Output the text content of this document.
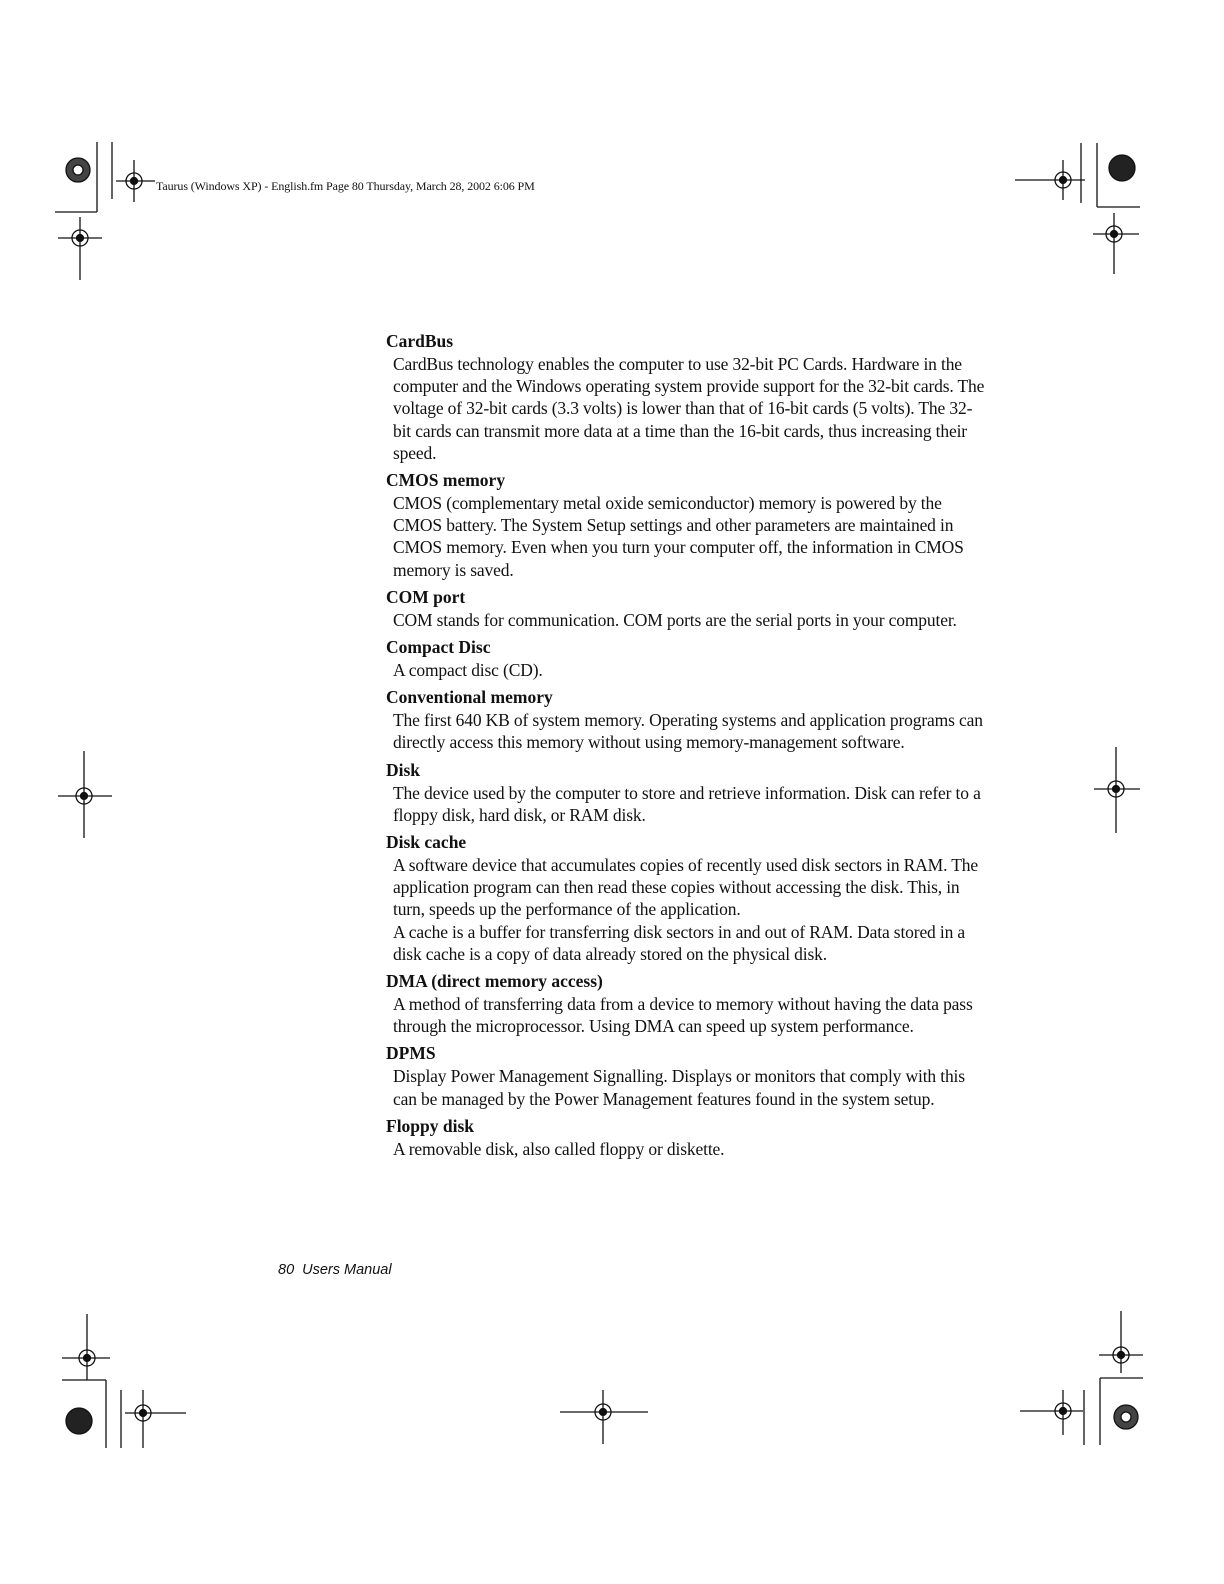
Taurus (Windows XP) - English.fm Page 80 Thursday, March 28, 2002 6:06 PM
CardBus

CardBus technology enables the computer to use 32-bit PC Cards. Hardware in the computer and the Windows operating system provide support for the 32-bit cards. The voltage of 32-bit cards (3.3 volts) is lower than that of 16-bit cards (5 volts). The 32-bit cards can transmit more data at a time than the 16-bit cards, thus increasing their speed.

CMOS memory

CMOS (complementary metal oxide semiconductor) memory is powered by the CMOS battery. The System Setup settings and other parameters are maintained in CMOS memory. Even when you turn your computer off, the information in CMOS memory is saved.

COM port

COM stands for communication. COM ports are the serial ports in your computer.

Compact Disc

A compact disc (CD).

Conventional memory

The first 640 KB of system memory. Operating systems and application programs can directly access this memory without using memory-management software.

Disk

The device used by the computer to store and retrieve information. Disk can refer to a floppy disk, hard disk, or RAM disk.

Disk cache

A software device that accumulates copies of recently used disk sectors in RAM. The application program can then read these copies without accessing the disk. This, in turn, speeds up the performance of the application.

A cache is a buffer for transferring disk sectors in and out of RAM. Data stored in a disk cache is a copy of data already stored on the physical disk.

DMA (direct memory access)

A method of transferring data from a device to memory without having the data pass through the microprocessor. Using DMA can speed up system performance.

DPMS

Display Power Management Signalling. Displays or monitors that comply with this can be managed by the Power Management features found in the system setup.

Floppy disk

A removable disk, also called floppy or diskette.

80 Users Manual
